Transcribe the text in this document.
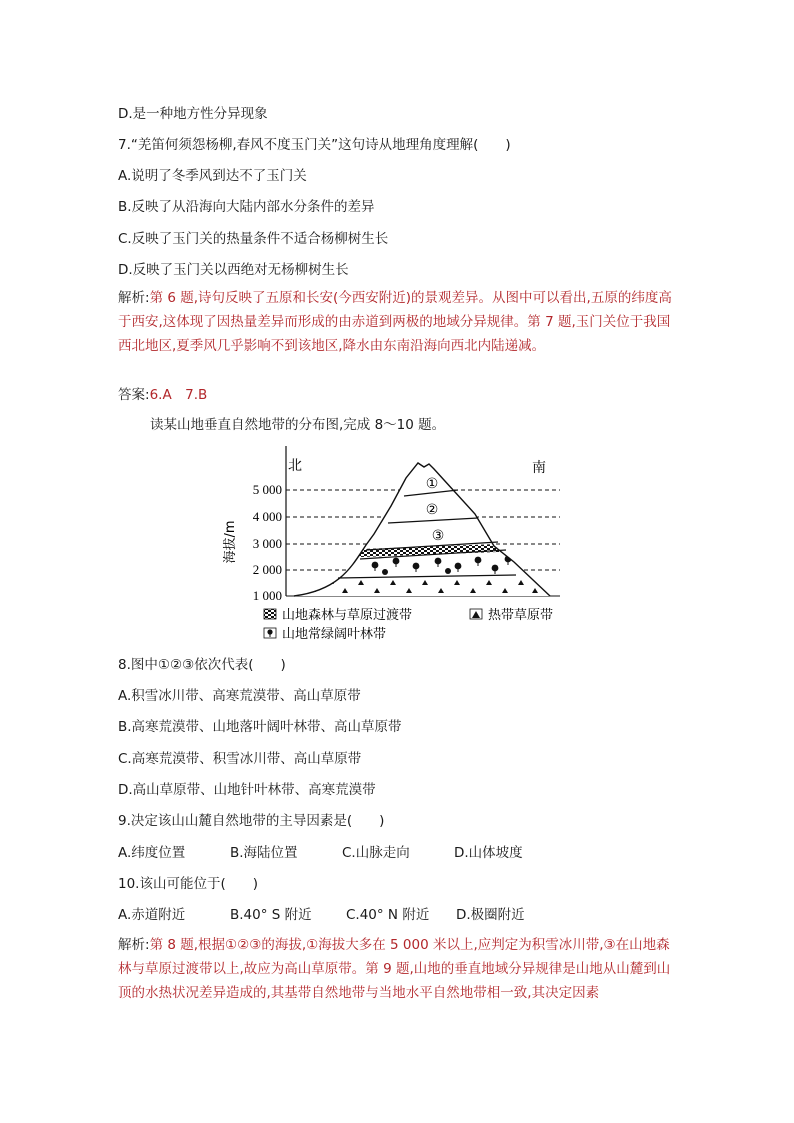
D.是一种地方性分异现象
7.“羌笛何须怨杨柳,春风不度玉门关”这句诗从地理角度理解(　　)
A.说明了冬季风到达不了玉门关
B.反映了从沿海向大陆内部水分条件的差异
C.反映了玉门关的热量条件不适合杨柳树生长
D.反映了玉门关以西绝对无杨柳树生长
解析:第 6 题,诗句反映了五原和长安(今西安附近)的景观差异。从图中可以看出,五原的纬度高于西安,这体现了因热量差异而形成的由赤道到两极的地域分异规律。第 7 题,玉门关位于我国西北地区,夏季风几乎影响不到该地区,降水由东南沿海向西北内陆递减。
答案:6.A　7.B
读某山地垂直自然地带的分布图,完成 8～10 题。
5 000
4 000
3 000
2 000
1 000
海拔/m
北	南
①
②
③
山地森林与草原过渡带	热带草原带
山地常绿阔叶林带
8.图中①②③依次代表(　　)
A.积雪冰川带、高寒荒漠带、高山草原带
B.高寒荒漠带、山地落叶阔叶林带、高山草原带
C.高寒荒漠带、积雪冰川带、高山草原带
D.高山草原带、山地针叶林带、高寒荒漠带
9.决定该山山麓自然地带的主导因素是(　　)
A.纬度位置	B.海陆位置	C.山脉走向	D.山体坡度
10.该山可能位于(　　)
A.赤道附近	B.40° S 附近	C.40° N 附近 D.极圈附近
解析:第 8 题,根据①②③的海拔,①海拔大多在 5 000 米以上,应判定为积雪冰川带,③在山地森林与草原过渡带以上,故应为高山草原带。第 9 题,山地的垂直地域分异规律是山地从山麓到山顶的水热状况差异造成的,其基带自然地带与当地水平自然地带相一致,其决定因素
